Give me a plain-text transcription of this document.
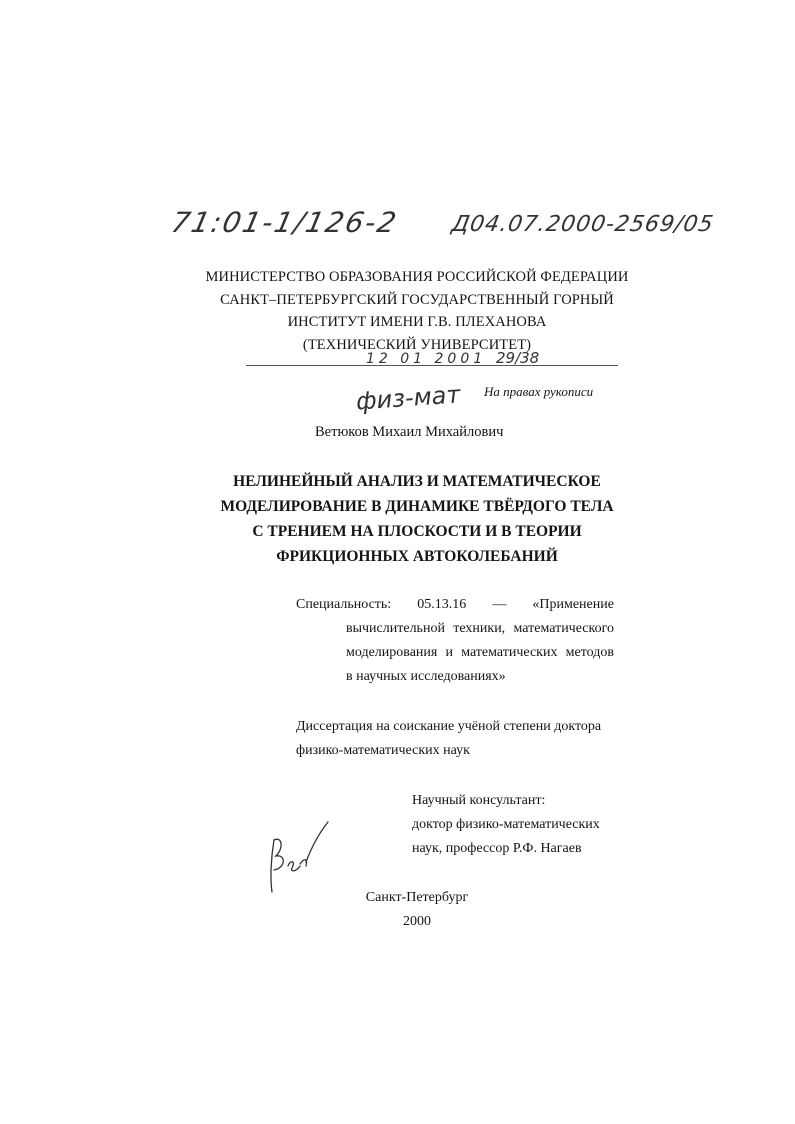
71:01-1/126-2 Д04.07.2000-2569/05
МИНИСТЕРСТВО ОБРАЗОВАНИЯ РОССИЙСКОЙ ФЕДЕРАЦИИ
САНКТ–ПЕТЕРБУРГСКИЙ ГОСУДАРСТВЕННЫЙ ГОРНЫЙ
ИНСТИТУТ ИМЕНИ Г.В. ПЛЕХАНОВА
(ТЕХНИЧЕСКИЙ УНИВЕРСИТЕТ)
12 01 2001 29/38
На правах рукописи
физ-мат
Ветюков Михаил Михайлович
НЕЛИНЕЙНЫЙ АНАЛИЗ И МАТЕМАТИЧЕСКОЕ
МОДЕЛИРОВАНИЕ В ДИНАМИКЕ ТВЁРДОГО ТЕЛА
С ТРЕНИЕМ НА ПЛОСКОСТИ И В ТЕОРИИ
ФРИКЦИОННЫХ АВТОКОЛЕБАНИЙ
Специальность: 05.13.16 — «Применение
вычислительной техники, математического
моделирования и математических методов
в научных исследованиях»
Диссертация на соискание учёной степени доктора
физико-математических наук
Научный консультант:
доктор физико-математических
наук, профессор Р.Ф. Нагаев
Санкт-Петербург
2000
